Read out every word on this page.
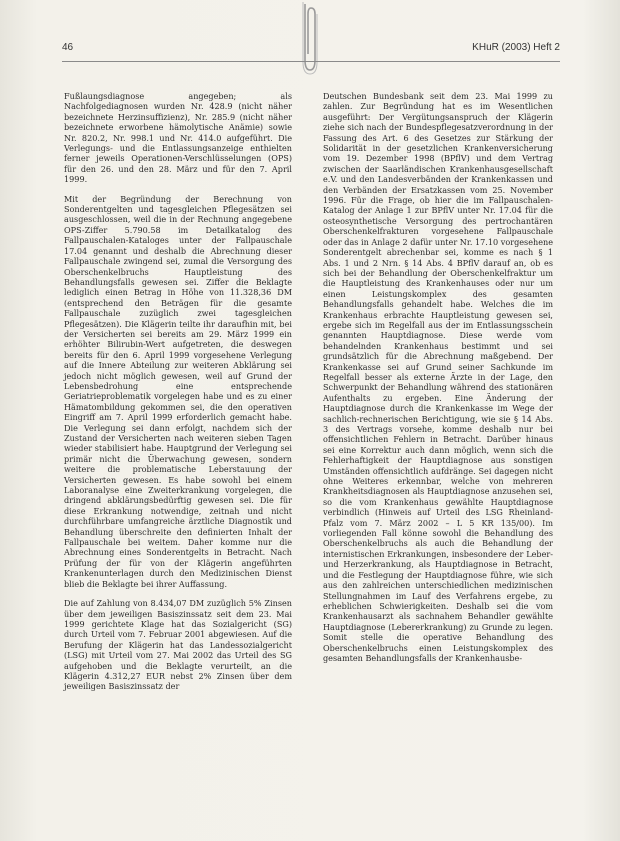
46	KHuR (2003) Heft 2

Fußlaungsdiagnose angegeben; als Nachfolgediagnosen wurden Nr. 428.9 (nicht näher bezeichnete Herzinsuffizienz), Nr. 285.9 (nicht näher bezeichnete erworbene hämolytische Anämie) sowie Nr. 820.2, Nr. 998.1 und Nr. 414.0 aufgeführt. Die Verlegungs- und die Entlassungsanzeige enthielten ferner jeweils Operationen-Verschlüsselungen (OPS) für den 26. und den 28. März und für den 7. April 1999.

Mit der Begründung der Berechnung von Sonderentgelten und tagesgleichen Pflegesätzen sei ausgeschlossen, weil die in der Rechnung angegebene OPS-Ziffer 5.790.58 im Detailkatalog des Fallpauschalen-Kataloges unter der Fallpauschale 17.04 genannt und deshalb die Abrechnung dieser Fallpauschale zwingend sei, zumal die Versorgung des Oberschenkelbruchs Hauptleistung des Behandlungsfalls gewesen sei. Ziffer die Beklagte lediglich einen Betrag in Höhe von 11.328,36 DM (entsprechend den Beträgen für die gesamte Fallpauschale zuzüglich zwei tagesgleichen Pflegesätzen). Die Klägerin teilte ihr daraufhin mit, bei der Versicherten sei bereits am 29. März 1999 ein erhöhter Bilirubin-Wert aufgetreten, die deswegen bereits für den 6. April 1999 vorgesehene Verlegung auf die Innere Abteilung zur weiteren Abklärung sei jedoch nicht möglich gewesen, weil auf Grund der Lebensbedrohung eine entsprechende Geriatrieproblematik vorgelegen habe und es zu einer Hämatombildung gekommen sei, die den operativen Eingriff am 7. April 1999 erforderlich gemacht habe. Die Verlegung sei dann erfolgt, nachdem sich der Zustand der Versicherten nach weiteren sieben Tagen wieder stabilisiert habe. Hauptgrund der Verlegung sei primär nicht die Überwachung gewesen, sondern weitere die problematische Leberstauung der Versicherten gewesen. Es habe sowohl bei einem Laboranalyse eine Zweiterkrankung vorgelegen, die dringend abklärungsbedürftig gewesen sei. Die für diese Erkrankung notwendige, zeitnah und nicht durchführbare umfangreiche ärztliche Diagnostik und Behandlung überschreite den definierten Inhalt der Fallpauschale bei weitem. Daher komme nur die Abrechnung eines Sonderentgelts in Betracht. Nach Prüfung der für von der Klägerin angeführten Krankenunterlagen durch den Medizinischen Dienst blieb die Beklagte bei ihrer Auffassung.

Die auf Zahlung von 8.434,07 DM zuzüglich 5% Zinsen über dem jeweiligen Basiszinssatz seit dem 23. Mai 1999 gerichtete Klage hat das Sozialgericht (SG) durch Urteil vom 7. Februar 2001 abgewiesen. Auf die Berufung der Klägerin hat das Landessozialgericht (LSG) mit Urteil vom 27. Mai 2002 das Urteil des SG aufgehoben und die Beklagte verurteilt, an die Klägerin 4.312,27 EUR nebst 2% Zinsen über dem jeweiligen Basiszinssatz der

Deutschen Bundesbank seit dem 23. Mai 1999 zu zahlen. Zur Begründung hat es im Wesentlichen ausgeführt: Der Vergütungsanspruch der Klägerin ziehe sich nach der Bundespflegesatzverordnung in der Fassung des Art. 6 des Gesetzes zur Stärkung der Solidarität in der gesetzlichen Krankenversicherung vom 19. Dezember 1998 (BPflV) und dem Vertrag zwischen der Saarländischen Krankenhausgesellschaft e.V. und den Landesverbänden der Krankenkassen und den Verbänden der Ersatzkassen vom 25. November 1996. Für die Frage, ob hier die im Fallpauschalen-Katalog der Anlage 1 zur BPflV unter Nr. 17.04 für die osteosynthetische Versorgung des pertrochantären Oberschenkelfrakturen vorgesehene Fallpauschale oder das in Anlage 2 dafür unter Nr. 17.10 vorgesehene Sonderentgelt abrechenbar sei, komme es nach § 1 Abs. 1 und 2 Nrn. § 14 Abs. 4 BPflV darauf an, ob es sich bei der Behandlung der Oberschenkelfraktur um die Hauptleistung des Krankenhauses oder nur um einen Leistungskomplex des gesamten Behandlungsfalls gehandelt habe. Welches die im Krankenhaus erbrachte Hauptleistung gewesen sei, ergebe sich im Regelfall aus der im Entlassungsschein genannten Hauptdiagnose. Diese werde vom behandelnden Krankenhaus bestimmt und sei grundsätzlich für die Abrechnung maßgebend. Der Krankenkasse sei auf Grund seiner Sachkunde im Regelfall besser als externe Ärzte in der Lage, den Schwerpunkt der Behandlung während des stationären Aufenthalts zu ergeben. Eine Änderung der Hauptdiagnose durch die Krankenkasse im Wege der sachlich-rechnerischen Berichtigung, wie sie § 14 Abs. 3 des Vertrags vorsehe, komme deshalb nur bei offensichtlichen Fehlern in Betracht. Darüber hinaus sei eine Korrektur auch dann möglich, wenn sich die Fehlerhaftigkeit der Hauptdiagnose aus sonstigen Umständen offensichtlich aufdränge. Sei dagegen nicht ohne Weiteres erkennbar, welche von mehreren Krankheitsdiagnosen als Hauptdiagnose anzusehen sei, so die vom Krankenhaus gewählte Hauptdiagnose verbindlich (Hinweis auf Urteil des LSG Rheinland-Pfalz vom 7. März 2002 – L 5 KR 135/00). Im vorliegenden Fall könne sowohl die Behandlung des Oberschenkelbruchs als auch die Behandlung der internistischen Erkrankungen, insbesondere der Leber- und Herzerkrankung, als Hauptdiagnose in Betracht, und die Festlegung der Hauptdiagnose führe, wie sich aus den zahlreichen unterschiedlichen medizinischen Stellungnahmen im Lauf des Verfahrens ergebe, zu erheblichen Schwierigkeiten. Deshalb sei die vom Krankenhausarzt als sachnahem Behandler gewählte Hauptdiagnose (Lebererkrankung) zu Grunde zu legen. Somit stelle die operative Behandlung des Oberschenkelbruchs einen Leistungskomplex des gesamten Behandlungsfalls der Krankenhausbe-
